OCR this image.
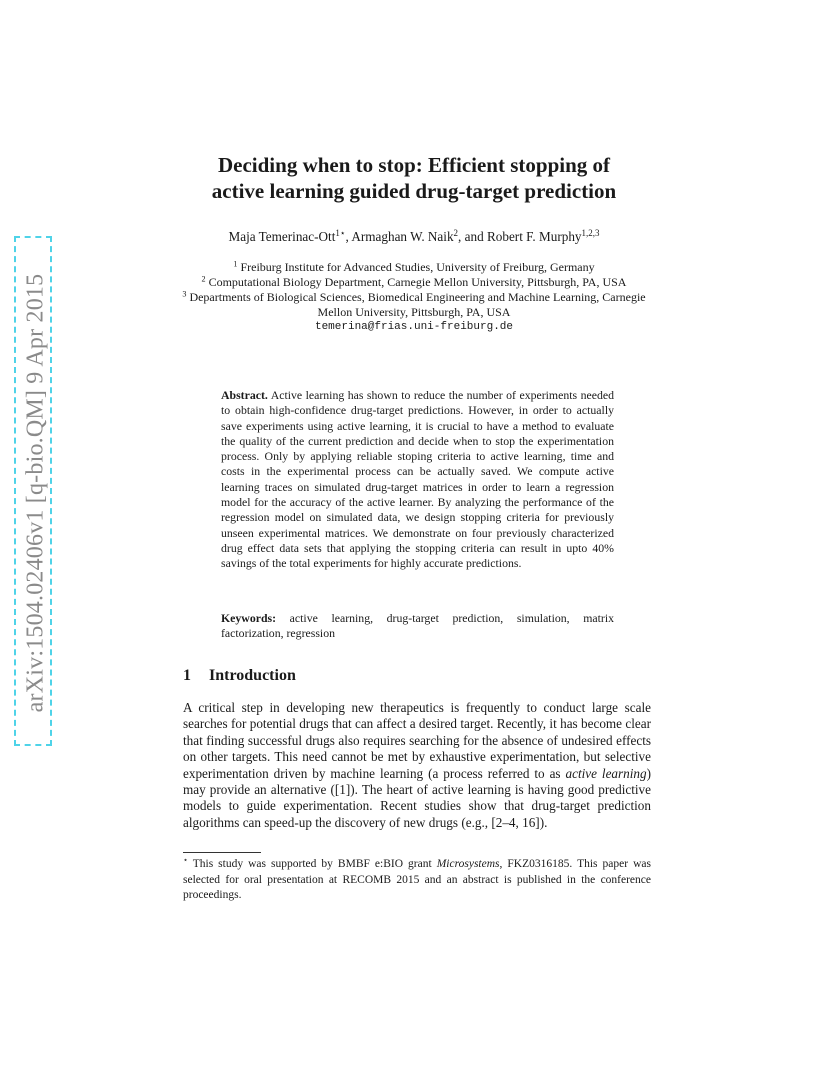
arXiv:1504.02406v1 [q-bio.QM] 9 Apr 2015
Deciding when to stop: Efficient stopping of
active learning guided drug-target prediction
Maja Temerinac-Ott$^{1⋆}$, Armaghan W. Naik$^2$, and Robert F. Murphy$^{1,2,3}$

$^1$ Freiburg Institute for Advanced Studies, University of Freiburg, Germany

$^2$ Computational Biology Department, Carnegie Mellon University, Pittsburgh, PA, USA

$^3$ Departments of Biological Sciences, Biomedical Engineering and Machine Learning, Carnegie Mellon University, Pittsburgh, PA, USA

temerina@frias.uni-freiburg.de

Abstract. Active learning has shown to reduce the number of experiments needed to obtain high-confidence drug-target predictions. However, in order to actually save experiments using active learning, it is crucial to have a method to evaluate the quality of the current prediction and decide when to stop the experimentation process. Only by applying reliable stoping criteria to active learning, time and costs in the experimental process can be actually saved. We compute active learning traces on simulated drug-target matrices in order to learn a regression model for the accuracy of the active learner. By analyzing the performance of the regression model on simulated data, we design stopping criteria for previously unseen experimental matrices. We demonstrate on four previously characterized drug effect data sets that applying the stopping criteria can result in upto 40% savings of the total experiments for highly accurate predictions.
Keywords: active learning, drug-target prediction, simulation, matrix factorization, regression
1 Introduction
A critical step in developing new therapeutics is frequently to conduct large scale searches for potential drugs that can affect a desired target. Recently, it has become clear that finding successful drugs also requires searching for the absence of undesired effects on other targets. This need cannot be met by exhaustive experimentation, but selective experimentation driven by machine learning (a process referred to as active learning) may provide an alternative ([1]). The heart of active learning is having good predictive models to guide experimentation. Recent studies show that drug-target prediction algorithms can speed-up the discovery of new drugs (e.g., [2–4, 16]).
⋆ This study was supported by BMBF e:BIO grant Microsystems, FKZ0316185. This paper was selected for oral presentation at RECOMB 2015 and an abstract is published in the conference proceedings.
